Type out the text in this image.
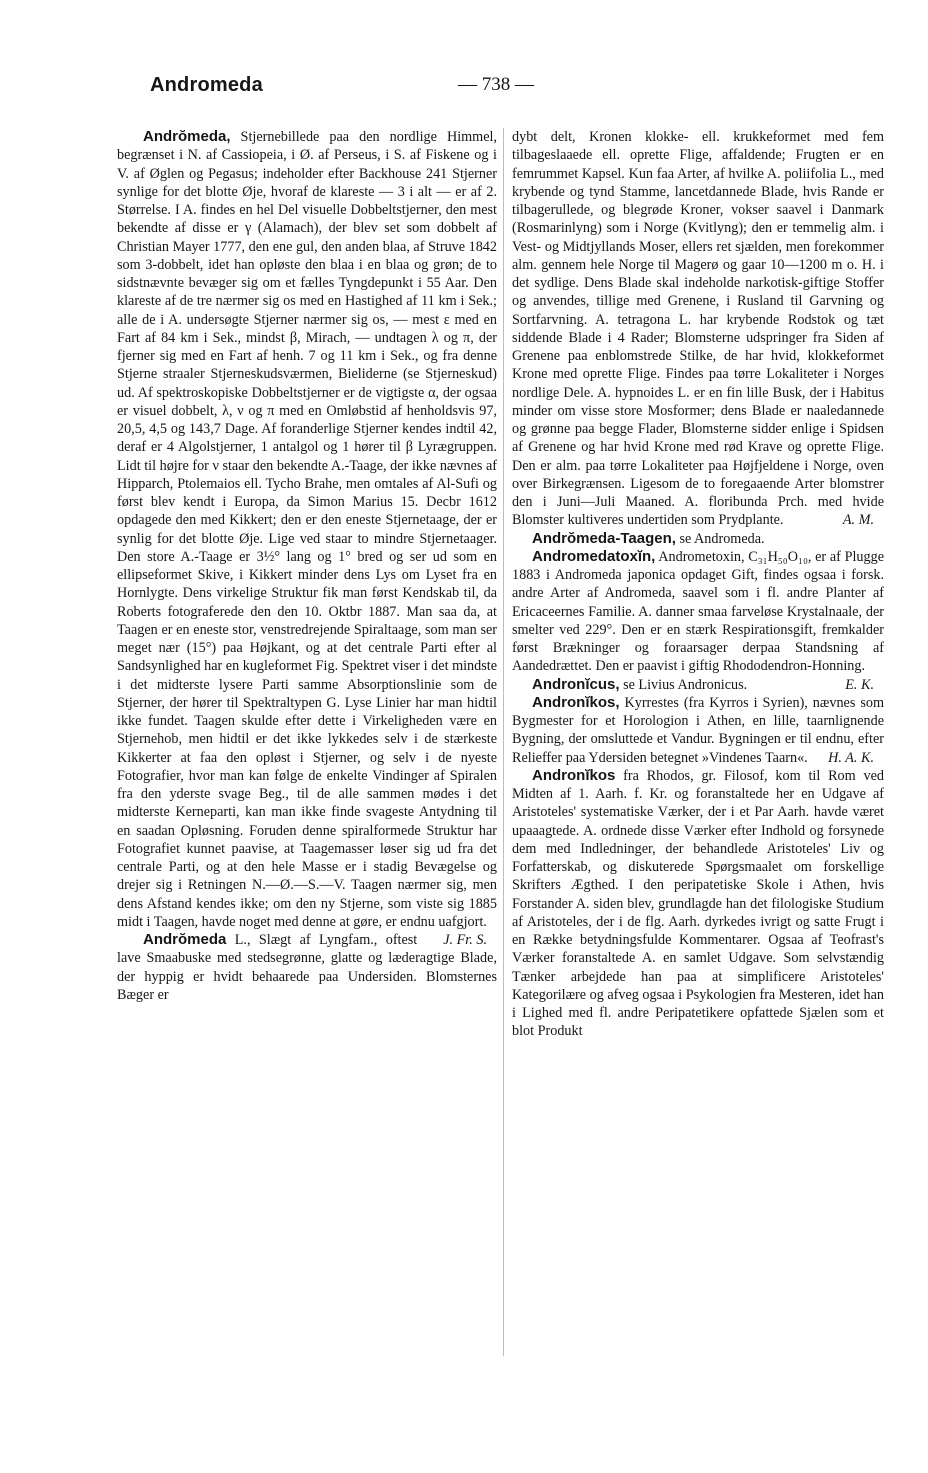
Andromeda	— 738 —

Andrŏmeda, Stjernebillede paa den nordlige Himmel, begrænset i N. af Cassiopeia, i Ø. af Perseus, i S. af Fiskene og i V. af Øglen og Pegasus; indeholder efter Backhouse 241 Stjerner synlige for det blotte Øje, hvoraf de klareste — 3 i alt — er af 2. Størrelse. I A. findes en hel Del visuelle Dobbeltstjerner, den mest bekendte af disse er γ (Alamach), der blev set som dobbelt af Christian Mayer 1777, den ene gul, den anden blaa, af Struve 1842 som 3-dobbelt, idet han opløste den blaa i en blaa og grøn; de to sidstnævnte bevæger sig om et fælles Tyngdepunkt i 55 Aar. Den klareste af de tre nærmer sig os med en Hastighed af 11 km i Sek.; alle de i A. undersøgte Stjerner nærmer sig os, — mest ε med en Fart af 84 km i Sek., mindst β, Mirach, — undtagen λ og π, der fjerner sig med en Fart af henh. 7 og 11 km i Sek., og fra denne Stjerne straaler Stjerneskudsværmen, Bieliderne (se Stjerneskud) ud. Af spektroskopiske Dobbeltstjerner er de vigtigste α, der ogsaa er visuel dobbelt, λ, ν og π med en Omløbstid af henholdsvis 97, 20,5, 4,5 og 143,7 Dage. Af foranderlige Stjerner kendes indtil 42, deraf er 4 Algolstjerner, 1 antalgol og 1 hører til β Lyrægruppen. Lidt til højre for ν staar den bekendte A.-Taage, der ikke nævnes af Hipparch, Ptolemaios ell. Tycho Brahe, men omtales af Al-Sufi og først blev kendt i Europa, da Simon Marius 15. Decbr 1612 opdagede den med Kikkert; den er den eneste Stjernetaage, der er synlig for det blotte Øje. Lige ved staar to mindre Stjernetaager. Den store A.-Taage er 3½° lang og 1° bred og ser ud som en ellipseformet Skive, i Kikkert minder dens Lys om Lyset fra en Hornlygte. Dens virkelige Struktur fik man først Kendskab til, da Roberts fotograferede den den 10. Oktbr 1887. Man saa da, at Taagen er en eneste stor, venstredrejende Spiraltaage, som man ser meget nær (15°) paa Højkant, og at det centrale Parti efter al Sandsynlighed har en kugleformet Fig. Spektret viser i det mindste i det midterste lysere Parti samme Absorptionslinie som de Stjerner, der hører til Spektraltypen G. Lyse Linier har man hidtil ikke fundet. Taagen skulde efter dette i Virkeligheden være en Stjernehob, men hidtil er det ikke lykkedes selv i de stærkeste Kikkerter at faa den opløst i Stjerner, og selv i de nyeste Fotografier, hvor man kan følge de enkelte Vindinger af Spiralen fra den yderste svage Beg., til de alle sammen mødes i det midterste Kerneparti, kan man ikke finde svageste Antydning til en saadan Opløsning. Foruden denne spiralformede Struktur har Fotografiet kunnet paavise, at Taagemasser løser sig ud fra det centrale Parti, og at den hele Masse er i stadig Bevægelse og drejer sig i Retningen N.—Ø.—S.—V. Taagen nærmer sig, men dens Afstand kendes ikke; om den ny Stjerne, som viste sig 1885 midt i Taagen, havde noget med denne at gøre, er endnu uafgjort.
J. Fr. S.

Andrŏmeda L., Slægt af Lyngfam., oftest lave Smaabuske med stedsegrønne, glatte og læderagtige Blade, der hyppig er hvidt behaarede paa Undersiden. Blomsternes Bæger er

dybt delt, Kronen klokke- ell. krukkeformet med fem tilbageslaaede ell. oprette Flige, affaldende; Frugten er en femrummet Kapsel. Kun faa Arter, af hvilke A. poliifolia L., med krybende og tynd Stamme, lancetdannede Blade, hvis Rande er tilbagerullede, og blegrøde Kroner, vokser saavel i Danmark (Rosmarinlyng) som i Norge (Kvitlyng); den er temmelig alm. i Vest- og Midtjyllands Moser, ellers ret sjælden, men forekommer alm. gennem hele Norge til Magerø og gaar 10—1200 m o. H. i det sydlige. Dens Blade skal indeholde narkotisk-giftige Stoffer og anvendes, tillige med Grenene, i Rusland til Garvning og Sortfarvning. A. tetragona L. har krybende Rodstok og tæt siddende Blade i 4 Rader; Blomsterne udspringer fra Siden af Grenene paa enblomstrede Stilke, de har hvid, klokkeformet Krone med oprette Flige. Findes paa tørre Lokaliteter i Norges nordlige Dele. A. hypnoides L. er en fin lille Busk, der i Habitus minder om visse store Mosformer; dens Blade er naaledannede og grønne paa begge Flader, Blomsterne sidder enlige i Spidsen af Grenene og har hvid Krone med rød Krave og oprette Flige. Den er alm. paa tørre Lokaliteter paa Højfjeldene i Norge, oven over Birkegrænsen. Ligesom de to foregaaende Arter blomstrer den i Juni—Juli Maaned. A. floribunda Prch. med hvide Blomster kultiveres undertiden som Prydplante.	A. M.

Andrŏmeda-Taagen, se Andromeda.

Andromedatoxĭn, Andrometoxin, C₃₁H₅₀O₁₀, er af Plugge 1883 i Andromeda japonica opdaget Gift, findes ogsaa i forsk. andre Arter af Andromeda, saavel som i fl. andre Planter af Ericaceernes Familie. A. danner smaa farveløse Krystalnaale, der smelter ved 229°. Den er en stærk Respirationsgift, fremkalder først Brækninger og foraarsager derpaa Standsning af Aandedrættet. Den er paavist i giftig Rhododendron-Honning.
E. K.

Andronĭcus, se Livius Andronicus.

Andronĭkos, Kyrrestes (fra Kyrros i Syrien), nævnes som Bygmester for et Horologion i Athen, en lille, taarnlignende Bygning, der omsluttede et Vandur. Bygningen er til endnu, efter Relieffer paa Ydersiden betegnet »Vindenes Taarn«.	H. A. K.

Andronĭkos fra Rhodos, gr. Filosof, kom til Rom ved Midten af 1. Aarh. f. Kr. og foranstaltede her en Udgave af Aristoteles' systematiske Værker, der i et Par Aarh. havde været upaaagtede. A. ordnede disse Værker efter Indhold og forsynede dem med Indledninger, der behandlede Aristoteles' Liv og Forfatterskab, og diskuterede Spørgsmaalet om forskellige Skrifters Ægthed. I den peripatetiske Skole i Athen, hvis Forstander A. siden blev, grundlagde han det filologiske Studium af Aristoteles, der i de flg. Aarh. dyrkedes ivrigt og satte Frugt i en Række betydningsfulde Kommentarer. Ogsaa af Teofrast's Værker foranstaltede A. en samlet Udgave. Som selvstændig Tænker arbejdede han paa at simplificere Aristoteles' Kategorilære og afveg ogsaa i Psykologien fra Mesteren, idet han i Lighed med fl. andre Peripatetikere opfattede Sjælen som et blot Produkt
